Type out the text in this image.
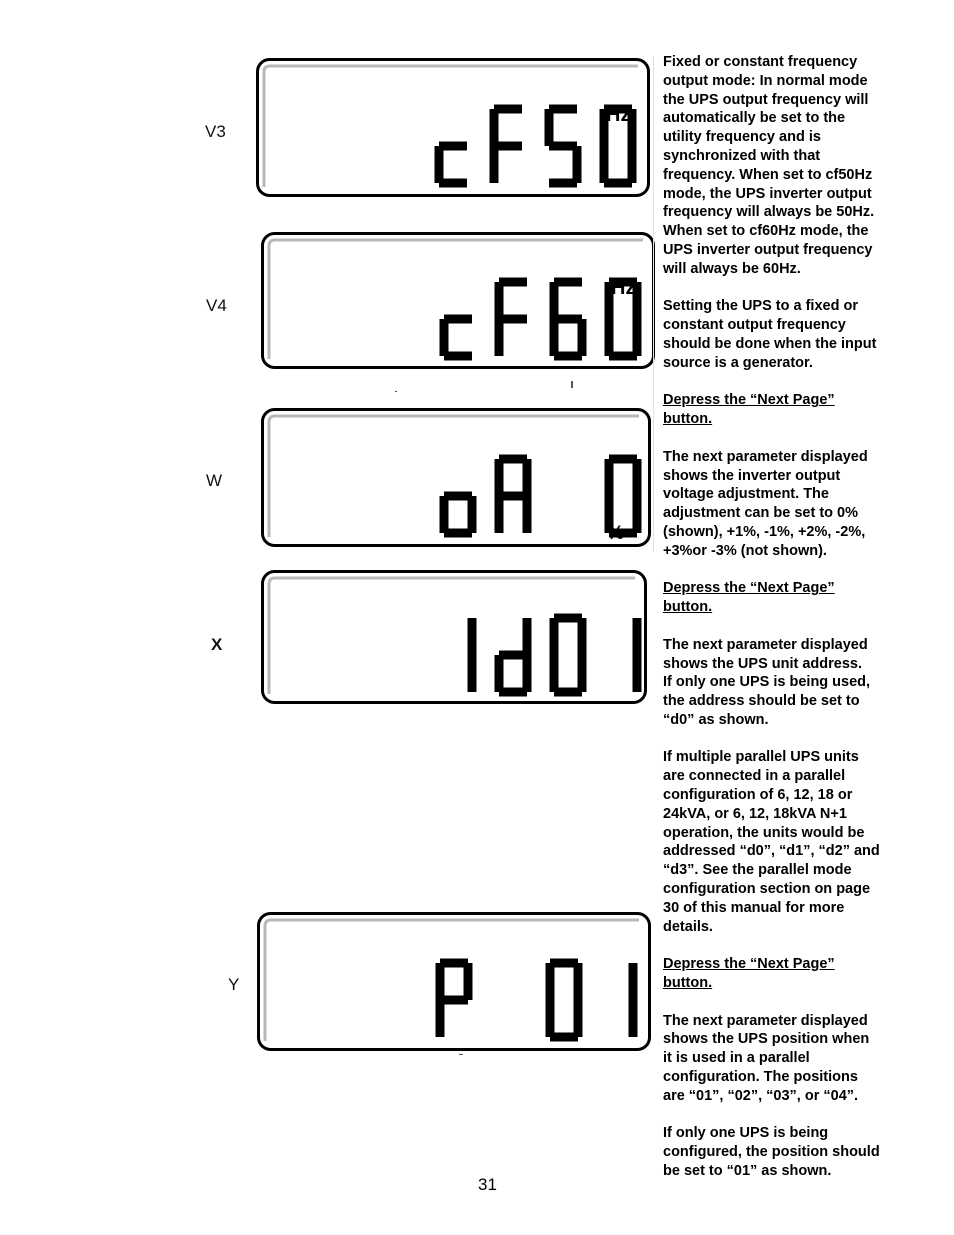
V3
V4
W
X
Y
Hz
Hz
%

Fixed or constant frequency
output mode: In normal mode
the UPS output frequency will
automatically be set to the
utility frequency and is
synchronized with that
frequency. When set to cf50Hz
mode, the UPS inverter output
frequency will always be 50Hz.
When set to cf60Hz mode, the
UPS inverter output frequency
will always be 60Hz.

Setting the UPS to a fixed or
constant output frequency
should be done when the input
source is a generator.

Depress the “Next Page”
button.

The next parameter displayed
shows the inverter output
voltage adjustment. The
adjustment can be set to 0%
(shown), +1%, -1%, +2%, -2%,
+3%or -3% (not shown).

Depress the “Next Page”
button.

The next parameter displayed
shows the UPS unit address.
If only one UPS is being used,
the address should be set to
“d0” as shown.

If multiple parallel UPS units
are connected in a parallel
configuration of 6, 12, 18 or
24kVA, or 6, 12, 18kVA N+1
operation, the units would be
addressed “d0”, “d1”, “d2” and
“d3”. See the parallel mode
configuration section on page
30 of this manual for more
details.

Depress the “Next Page”
button.

The next parameter displayed
shows the UPS position when
it is used in a parallel
configuration. The positions
are “01”, “02”, “03”, or “04”.

If only one UPS is being
configured, the position should
be set to “01” as shown.

31
